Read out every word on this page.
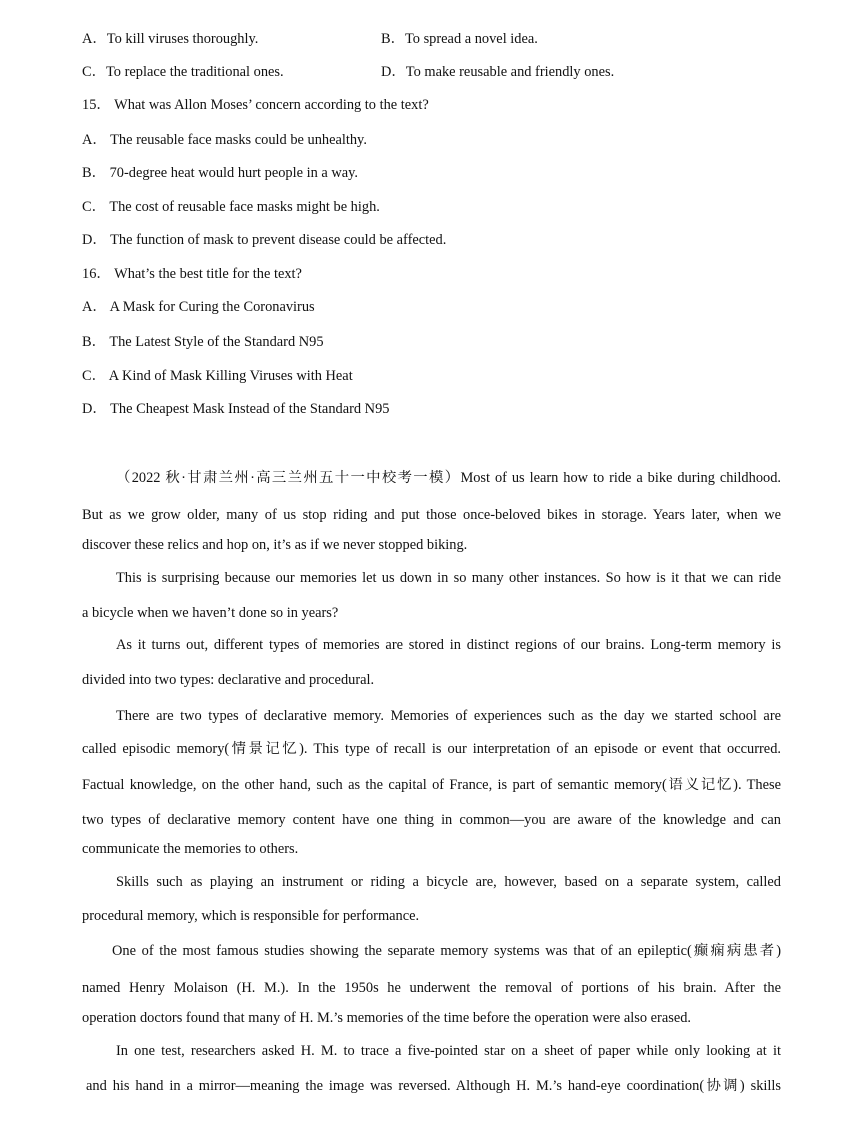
A．To kill viruses thoroughly.	B．To spread a novel idea.
C．To replace the traditional ones.	D．To make reusable and friendly ones.
15． What was Allon Moses’ concern according to the text?
A． The reusable face masks could be unhealthy.
B． 70-degree heat would hurt people in a way.
C． The cost of reusable face masks might be high.
D． The function of mask to prevent disease could be affected.
16． What’s the best title for the text?
A． A Mask for Curing the Coronavirus
B． The Latest Style of the Standard N95
C． A Kind of Mask Killing Viruses with Heat
D． The Cheapest Mask Instead of the Standard N95
（2022 秋·甘肃兰州·高三兰州五十一中校考一模）Most of us learn how to ride a bike during childhood.
But as we grow older, many of us stop riding and put those once-beloved bikes in storage. Years later, when we
discover these relics and hop on, it’s as if we never stopped biking.
This is surprising because our memories let us down in so many other instances. So how is it that we can ride
a bicycle when we haven’t done so in years?
As it turns out, different types of memories are stored in distinct regions of our brains. Long-term memory is
divided into two types: declarative and procedural.
There are two types of declarative memory. Memories of experiences such as the day we started school are
called episodic memory(情景记忆). This type of recall is our interpretation of an episode or event that occurred.
Factual knowledge, on the other hand, such as the capital of France, is part of semantic memory(语义记忆). These
two types of declarative memory content have one thing in common—you are aware of the knowledge and can
communicate the memories to others.
Skills such as playing an instrument or riding a bicycle are, however, based on a separate system, called
procedural memory, which is responsible for performance.
One of the most famous studies showing the separate memory systems was that of an epileptic(癫痫病患者)
named Henry Molaison (H. M.). In the 1950s he underwent the removal of portions of his brain. After the
operation doctors found that many of H. M.’s memories of the time before the operation were also erased.
In one test, researchers asked H. M. to trace a five-pointed star on a sheet of paper while only looking at it
and his hand in a mirror—meaning the image was reversed. Although H. M.’s hand-eye coordination(协调) skills
